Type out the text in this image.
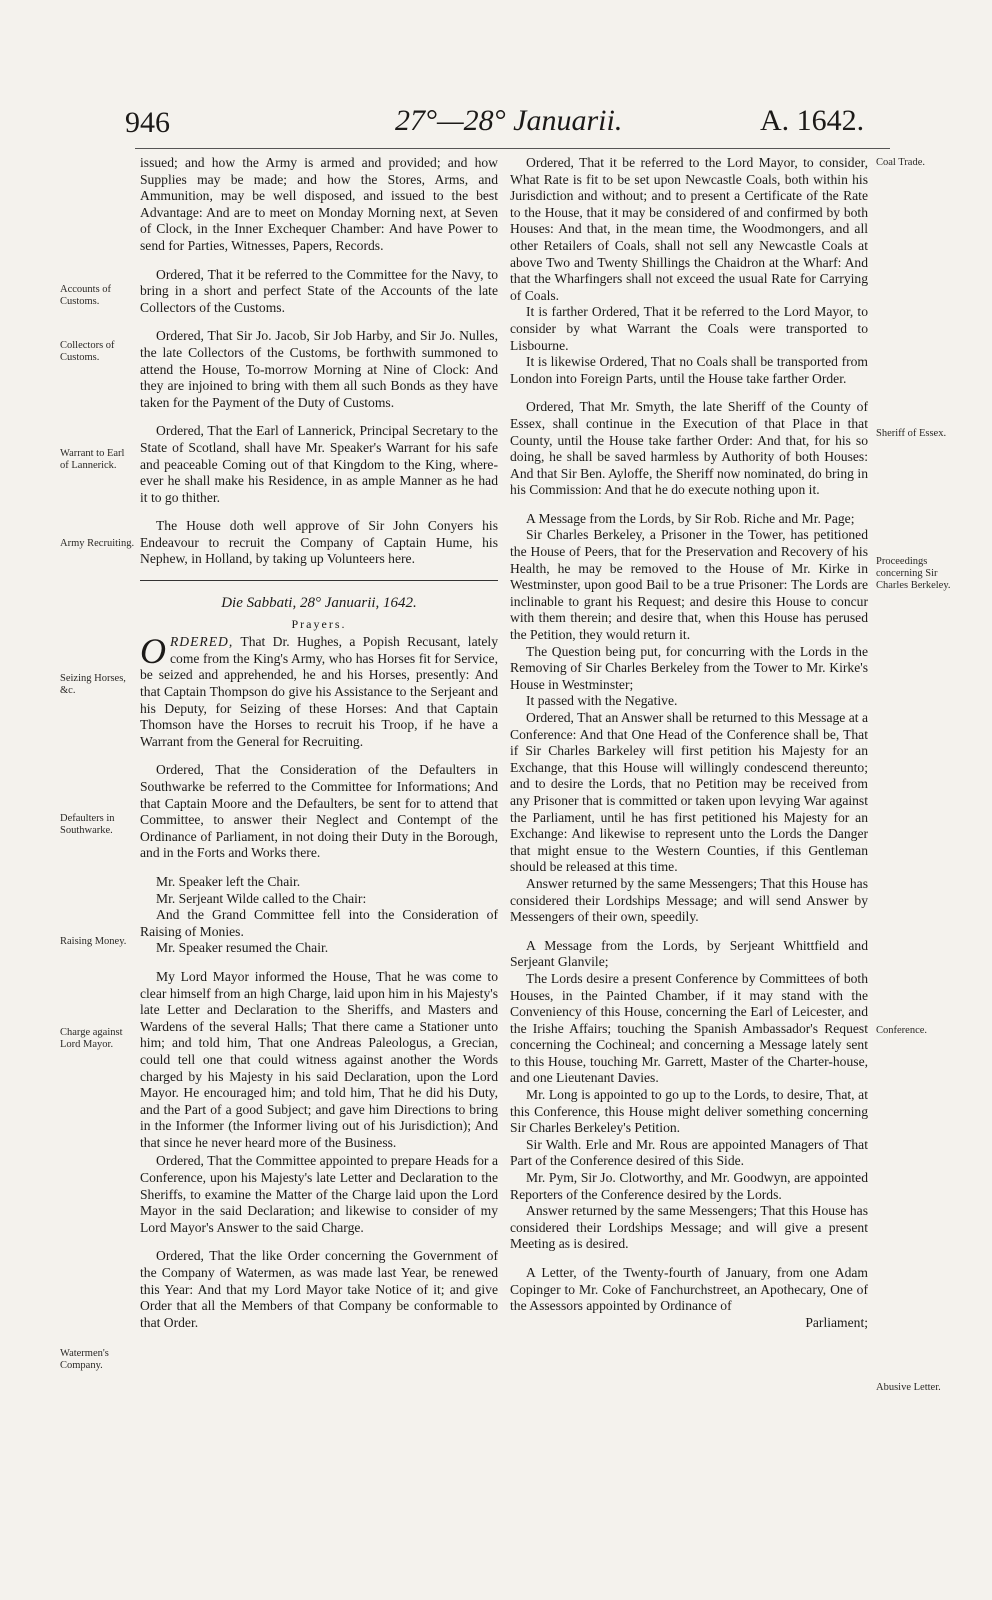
946	27°—28° Januarii.	A. 1642.

issued; and how the Army is armed and provided; and how Supplies may be made; and how the Stores, Arms, and Ammunition, may be well disposed, and issued to the best Advantage: And are to meet on Monday Morning next, at Seven of Clock, in the Inner Exchequer Chamber: And have Power to send for Parties, Witnesses, Papers, Records.

Ordered, That it be referred to the Committee for the Navy, to bring in a short and perfect State of the Accounts of the late Collectors of the Customs.

Ordered, That Sir Jo. Jacob, Sir Job Harby, and Sir Jo. Nulles, the late Collectors of the Customs, be forthwith summoned to attend the House, To-morrow Morning at Nine of Clock: And they are injoined to bring with them all such Bonds as they have taken for the Payment of the Duty of Customs.

Ordered, That the Earl of Lannerick, Principal Secretary to the State of Scotland, shall have Mr. Speaker's Warrant for his safe and peaceable Coming out of that Kingdom to the King, where-ever he shall make his Residence, in as ample Manner as he had it to go thither.

The House doth well approve of Sir John Conyers his Endeavour to recruit the Company of Captain Hume, his Nephew, in Holland, by taking up Volunteers here.

Die Sabbati, 28° Januarii, 1642.
Prayers.

ORDERED, That Dr. Hughes, a Popish Recusant, lately come from the King's Army, who has Horses fit for Service, be seized and apprehended, he and his Horses, presently: And that Captain Thompson do give his Assistance to the Serjeant and his Deputy, for Seizing of these Horses: And that Captain Thomson have the Horses to recruit his Troop, if he have a Warrant from the General for Recruiting.

Ordered, That the Consideration of the Defaulters in Southwarke be referred to the Committee for Informations; And that Captain Moore and the Defaulters, be sent for to attend that Committee, to answer their Neglect and Contempt of the Ordinance of Parliament, in not doing their Duty in the Borough, and in the Forts and Works there.

Mr. Speaker left the Chair.

Mr. Serjeant Wilde called to the Chair:

And the Grand Committee fell into the Consideration of Raising of Monies.

Mr. Speaker resumed the Chair.

My Lord Mayor informed the House, That he was come to clear himself from an high Charge, laid upon him in his Majesty's late Letter and Declaration to the Sheriffs, and Masters and Wardens of the several Halls; That there came a Stationer unto him; and told him, That one Andreas Paleologus, a Grecian, could tell one that could witness against another the Words charged by his Majesty in his said Declaration, upon the Lord Mayor. He encouraged him; and told him, That he did his Duty, and the Part of a good Subject; and gave him Directions to bring in the Informer (the Informer living out of his Jurisdiction); And that since he never heard more of the Business.

Ordered, That the Committee appointed to prepare Heads for a Conference, upon his Majesty's late Letter and Declaration to the Sheriffs, to examine the Matter of the Charge laid upon the Lord Mayor in the said Declaration; and likewise to consider of my Lord Mayor's Answer to the said Charge.

Ordered, That the like Order concerning the Government of the Company of Watermen, as was made last Year, be renewed this Year: And that my Lord Mayor take Notice of it; and give Order that all the Members of that Company be conformable to that Order.

Ordered, That it be referred to the Lord Mayor, to consider, What Rate is fit to be set upon Newcastle Coals, both within his Jurisdiction and without; and to present a Certificate of the Rate to the House, that it may be considered of and confirmed by both Houses: And that, in the mean time, the Woodmongers, and all other Retailers of Coals, shall not sell any Newcastle Coals at above Two and Twenty Shillings the Chaidron at the Wharf: And that the Wharfingers shall not exceed the usual Rate for Carrying of Coals.

It is farther Ordered, That it be referred to the Lord Mayor, to consider by what Warrant the Coals were transported to Lisbourne.

It is likewise Ordered, That no Coals shall be transported from London into Foreign Parts, until the House take farther Order.

Ordered, That Mr. Smyth, the late Sheriff of the County of Essex, shall continue in the Execution of that Place in that County, until the House take farther Order: And that, for his so doing, he shall be saved harmless by Authority of both Houses: And that Sir Ben. Ayloffe, the Sheriff now nominated, do bring in his Commission: And that he do execute nothing upon it.

A Message from the Lords, by Sir Rob. Riche and Mr. Page;

Sir Charles Berkeley, a Prisoner in the Tower, has petitioned the House of Peers, that for the Preservation and Recovery of his Health, he may be removed to the House of Mr. Kirke in Westminster, upon good Bail to be a true Prisoner: The Lords are inclinable to grant his Request; and desire this House to concur with them therein; and desire that, when this House has perused the Petition, they would return it.

The Question being put, for concurring with the Lords in the Removing of Sir Charles Berkeley from the Tower to Mr. Kirke's House in Westminster;

It passed with the Negative.

Ordered, That an Answer shall be returned to this Message at a Conference: And that One Head of the Conference shall be, That if Sir Charles Barkeley will first petition his Majesty for an Exchange, that this House will willingly condescend thereunto; and to desire the Lords, that no Petition may be received from any Prisoner that is committed or taken upon levying War against the Parliament, until he has first petitioned his Majesty for an Exchange: And likewise to represent unto the Lords the Danger that might ensue to the Western Counties, if this Gentleman should be released at this time.

Answer returned by the same Messengers; That this House has considered their Lordships Message; and will send Answer by Messengers of their own, speedily.

A Message from the Lords, by Serjeant Whittfield and Serjeant Glanvile;

The Lords desire a present Conference by Committees of both Houses, in the Painted Chamber, if it may stand with the Conveniency of this House, concerning the Earl of Leicester, and the Irishe Affairs; touching the Spanish Ambassador's Request concerning the Cochineal; and concerning a Message lately sent to this House, touching Mr. Garrett, Master of the Charter-house, and one Lieutenant Davies.

Mr. Long is appointed to go up to the Lords, to desire, That, at this Conference, this House might deliver something concerning Sir Charles Berkeley's Petition.

Sir Walth. Erle and Mr. Rous are appointed Managers of That Part of the Conference desired of this Side.

Mr. Pym, Sir Jo. Clotworthy, and Mr. Goodwyn, are appointed Reporters of the Conference desired by the Lords.

Answer returned by the same Messengers; That this House has considered their Lordships Message; and will give a present Meeting as is desired.

A Letter, of the Twenty-fourth of January, from one Adam Copinger to Mr. Coke of Fanchurchstreet, an Apothecary, One of the Assessors appointed by Ordinance of

Parliament;

Accounts of Customs.
Collectors of Customs.
Warrant to Earl of Lannerick.
Army Recruiting.
Seizing Horses, &c.
Defaulters in Southwarke.
Raising Money.
Charge against Lord Mayor.
Watermen's Company.
Coal Trade.
Sheriff of Essex.
Proceedings concerning Sir Charles Berkeley.
Conference.
Abusive Letter.
